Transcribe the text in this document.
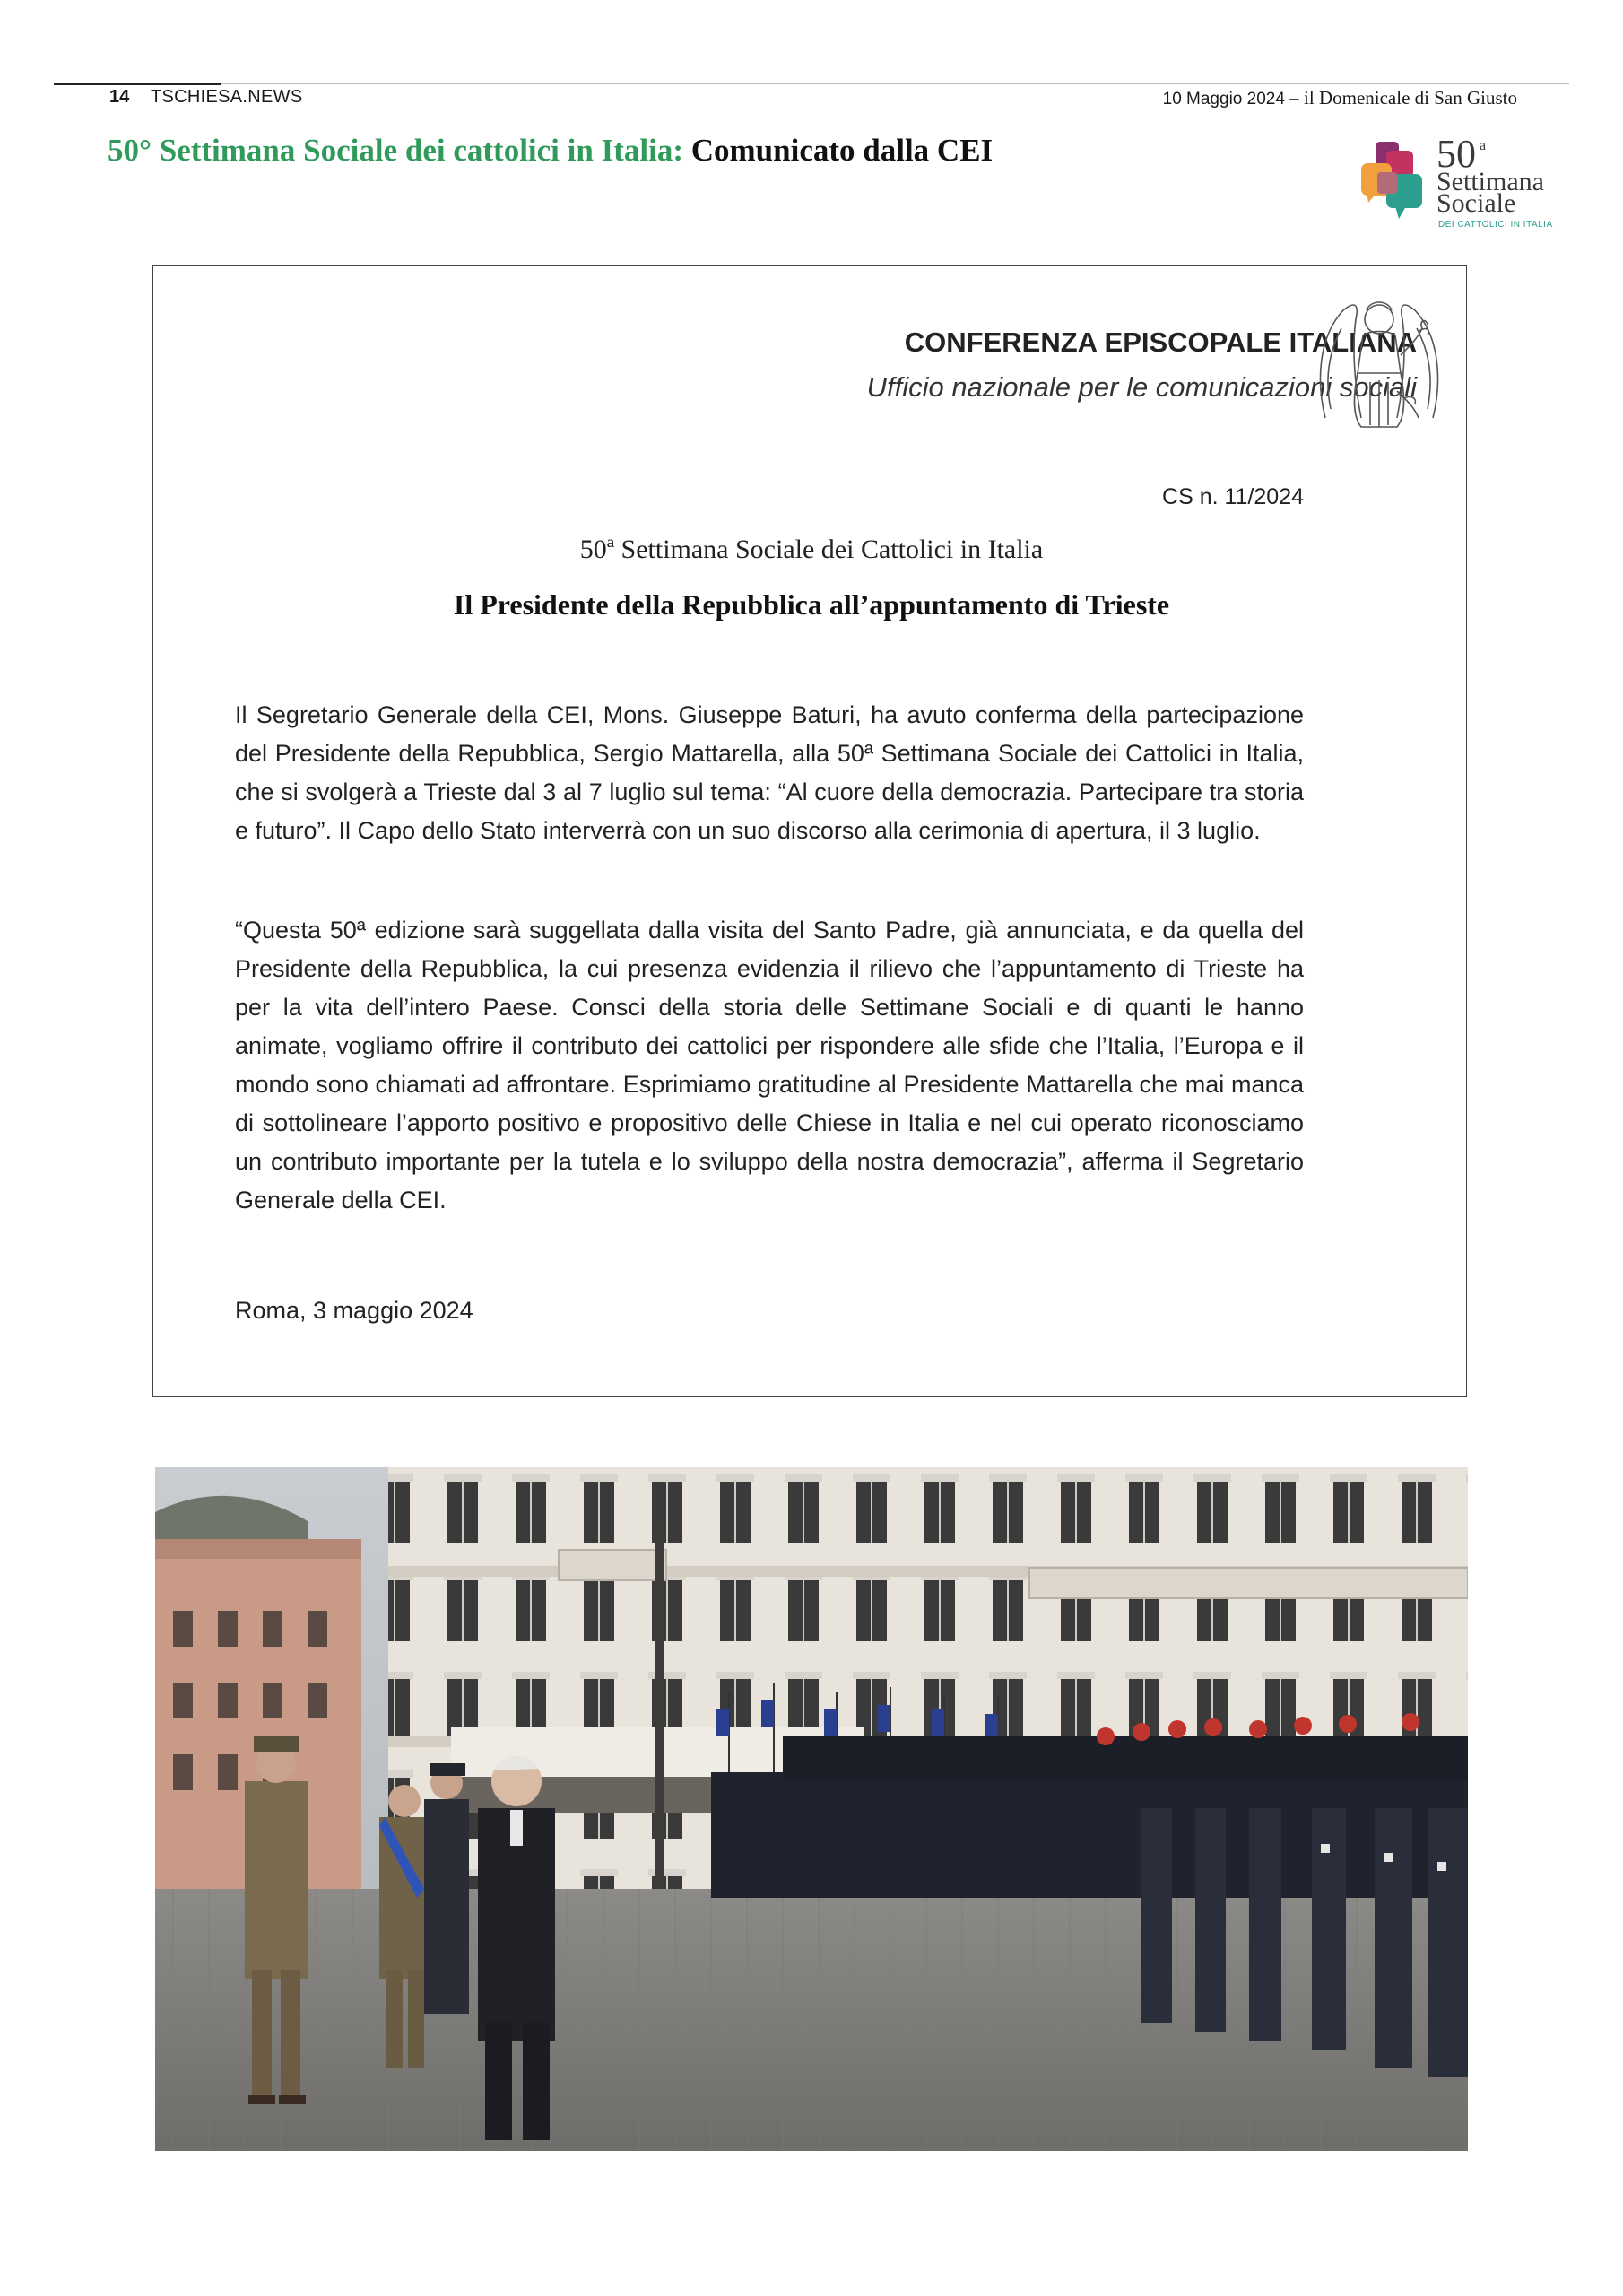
14 TSCHIESA.NEWS	10 Maggio 2024 – il Domenicale di San Giusto
50° Settimana Sociale dei cattolici in Italia: Comunicato dalla CEI	50 a
Settimana
Sociale
DEI CATTOLICI IN ITALIA
CONFERENZA EPISCOPALE ITALIANA
Ufficio nazionale per le comunicazioni sociali
CS n. 11/2024
50ª Settimana Sociale dei Cattolici in Italia
Il Presidente della Repubblica all’appuntamento di Trieste
Il Segretario Generale della CEI, Mons. Giuseppe Baturi, ha avuto conferma della partecipazione del Presidente della Repubblica, Sergio Mattarella, alla 50ª Settimana Sociale dei Cattolici in Italia, che si svolgerà a Trieste dal 3 al 7 luglio sul tema: “Al cuore della democrazia. Partecipare tra storia e futuro”. Il Capo dello Stato interverrà con un suo discorso alla cerimonia di apertura, il 3 luglio.
“Questa 50ª edizione sarà suggellata dalla visita del Santo Padre, già annunciata, e da quella del Presidente della Repubblica, la cui presenza evidenzia il rilievo che l’appuntamento di Trieste ha per la vita dell’intero Paese. Consci della storia delle Settimane Sociali e di quanti le hanno animate, vogliamo offrire il contributo dei cattolici per rispondere alle sfide che l’Italia, l’Europa e il mondo sono chiamati ad affrontare. Esprimiamo gratitudine al Presidente Mattarella che mai manca di sottolineare l’apporto positivo e propositivo delle Chiese in Italia e nel cui operato riconosciamo un contributo importante per la tutela e lo sviluppo della nostra democrazia”, afferma il Segretario Generale della CEI.
Roma, 3 maggio 2024
